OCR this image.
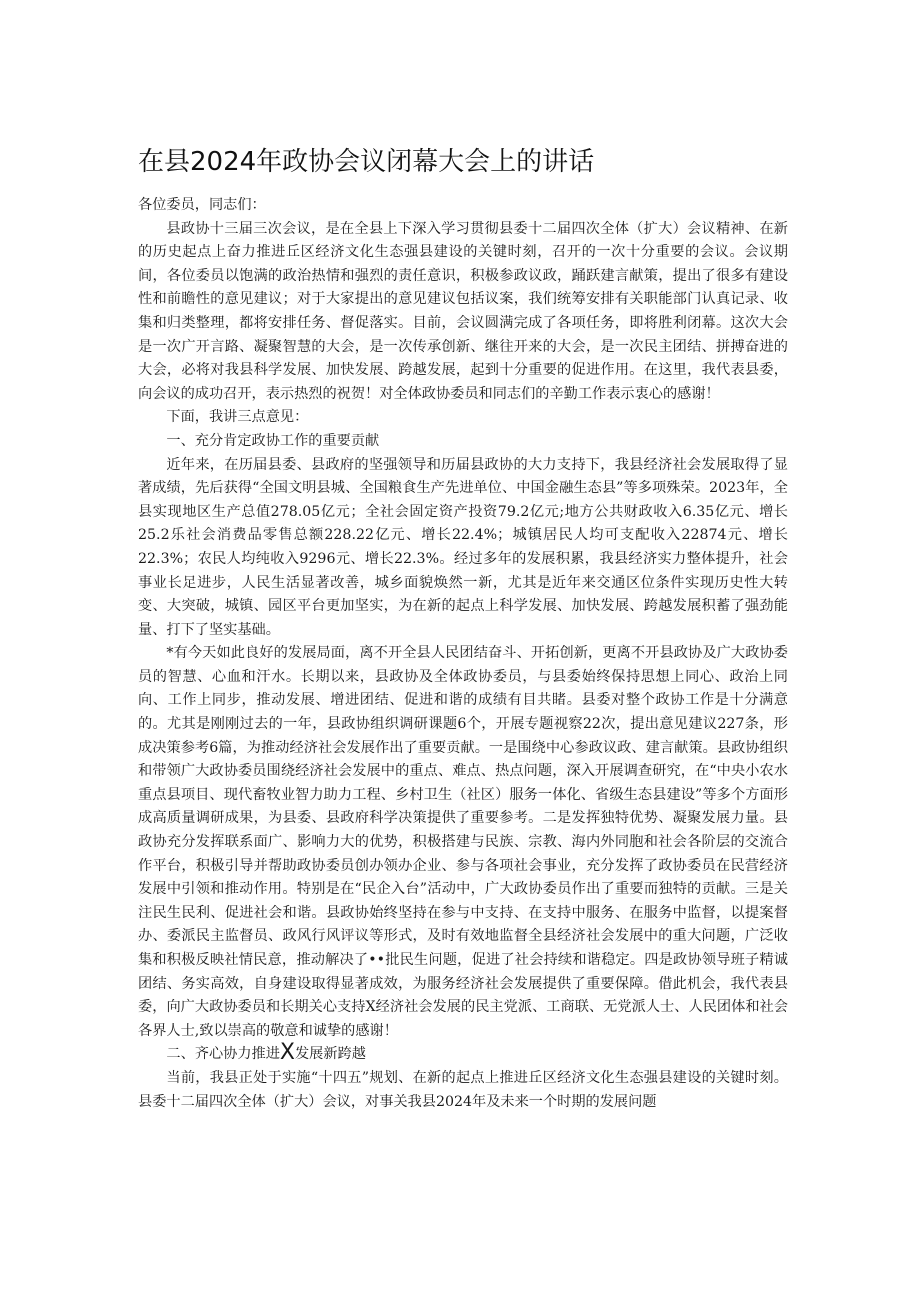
在县2024年政协会议闭幕大会上的讲话

各位委员，同志们：

县政协十三届三次会议，是在全县上下深入学习贯彻县委十二届四次全体（扩大）会议精神、在新的历史起点上奋力推进丘区经济文化生态强县建设的关键时刻，召开的一次十分重要的会议。会议期间，各位委员以饱满的政治热情和强烈的责任意识，积极参政议政，踊跃建言献策，提出了很多有建设性和前瞻性的意见建议；对于大家提出的意见建议包括议案，我们统筹安排有关职能部门认真记录、收集和归类整理，都将安排任务、督促落实。目前，会议圆满完成了各项任务，即将胜利闭幕。这次大会是一次广开言路、凝聚智慧的大会，是一次传承创新、继往开来的大会，是一次民主团结、拼搏奋进的大会，必将对我县科学发展、加快发展、跨越发展，起到十分重要的促进作用。在这里，我代表县委，向会议的成功召开，表示热烈的祝贺！对全体政协委员和同志们的辛勤工作表示衷心的感谢！

下面，我讲三点意见：

一、充分肯定政协工作的重要贡献

近年来，在历届县委、县政府的坚强领导和历届县政协的大力支持下，我县经济社会发展取得了显著成绩，先后获得“全国文明县城、全国粮食生产先进单位、中国金融生态县”等多项殊荣。2023年，全县实现地区生产总值278.05亿元；全社会固定资产投资79.2亿元;地方公共财政收入6.35亿元、增长25.2乐社会消费品零售总额228.22亿元、增长22.4%；城镇居民人均可支配收入22874元、增长22.3%；农民人均纯收入9296元、增长22.3%。经过多年的发展积累，我县经济实力整体提升，社会事业长足进步，人民生活显著改善，城乡面貌焕然一新，尤其是近年来交通区位条件实现历史性大转变、大突破，城镇、园区平台更加坚实，为在新的起点上科学发展、加快发展、跨越发展积蓄了强劲能量、打下了坚实基础。

*有今天如此良好的发展局面，离不开全县人民团结奋斗、开拓创新，更离不开县政协及广大政协委员的智慧、心血和汗水。长期以来，县政协及全体政协委员，与县委始终保持思想上同心、政治上同向、工作上同步，推动发展、增进团结、促进和谐的成绩有目共睹。县委对整个政协工作是十分满意的。尤其是刚刚过去的一年，县政协组织调研课题6个，开展专题视察22次，提出意见建议227条，形成决策参考6篇，为推动经济社会发展作出了重要贡献。一是围绕中心参政议政、建言献策。县政协组织和带领广大政协委员围绕经济社会发展中的重点、难点、热点问题，深入开展调查研究，在“中央小农水重点县项目、现代畜牧业智力助力工程、乡村卫生（社区）服务一体化、省级生态县建设”等多个方面形成高质量调研成果，为县委、县政府科学决策提供了重要参考。二是发挥独特优势、凝聚发展力量。县政协充分发挥联系面广、影响力大的优势，积极搭建与民族、宗教、海内外同胞和社会各阶层的交流合作平台，积极引导并帮助政协委员创办领办企业、参与各项社会事业，充分发挥了政协委员在民营经济发展中引领和推动作用。特别是在“民企入台”活动中，广大政协委员作出了重要而独特的贡献。三是关注民生民利、促进社会和谐。县政协始终坚持在参与中支持、在支持中服务、在服务中监督，以提案督办、委派民主监督员、政风行风评议等形式，及时有效地监督全县经济社会发展中的重大问题，广泛收集和积极反映社情民意，推动解决了••批民生问题，促进了社会持续和谐稳定。四是政协领导班子精诚团结、务实高效，自身建设取得显著成效，为服务经济社会发展提供了重要保障。借此机会，我代表县委，向广大政协委员和长期关心支持X经济社会发展的民主党派、工商联、无党派人士、人民团体和社会各界人士,致以崇高的敬意和诚挚的感谢！

二、齐心协力推进X发展新跨越

当前，我县正处于实施“十四五”规划、在新的起点上推进丘区经济文化生态强县建设的关键时刻。县委十二届四次全体（扩大）会议，对事关我县2024年及未来一个时期的发展问题
